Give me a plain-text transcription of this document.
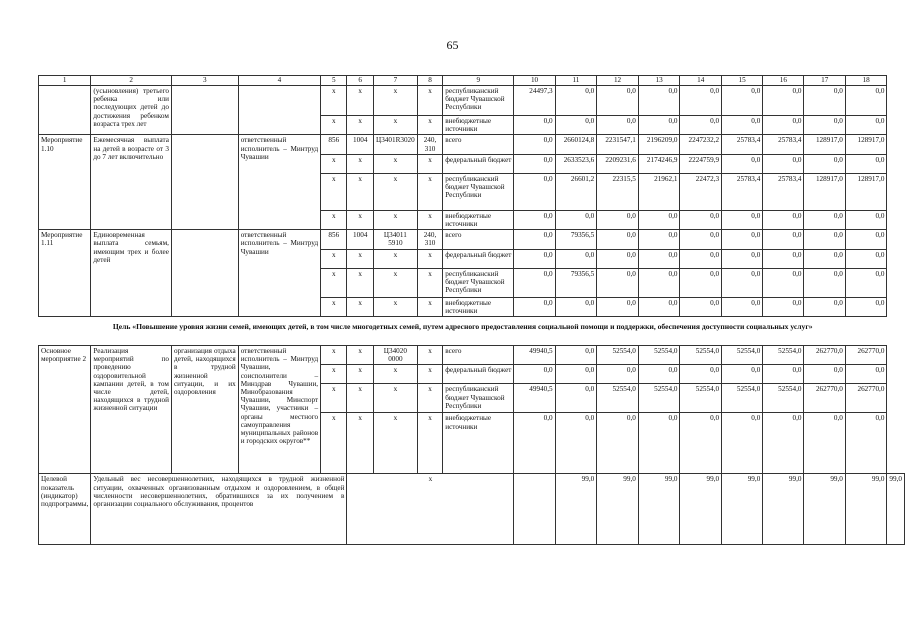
65
1	2	3	4	5	6	7	8	9	10	11	12	13	14	15	16	17	18	
	(усыновления) третьего ребенка или последующих детей до достижения ребенком возраста трех лет			x	x	x	x	республиканский бюджет Чувашской Республики	24497,3	0,0	0,0	0,0	0,0	0,0	0,0	0,0	0,0	
				x	x	x	x	внебюджетные источники	0,0	0,0	0,0	0,0	0,0	0,0	0,0	0,0	0,0	
Мероприятие 1.10	Ежемесячная выплата на детей в возрасте от 3 до 7 лет включительно		ответственный исполнитель – Минтруд Чувашии	856	1004	Ц3401R3020	240, 310	всего	0,0	2660124,8	2231547,1	2196209,0	2247232,2	25783,4	25783,4	128917,0	128917,0	
				x	x	x	x	федеральный бюджет	0,0	2633523,6	2209231,6	2174246,9	2224759,9	0,0	0,0	0,0	0,0	
				x	x	x	x	республиканский бюджет Чувашской Республики	0,0	26601,2	22315,5	21962,1	22472,3	25783,4	25783,4	128917,0	128917,0	
				x	x	x	x	внебюджетные источники	0,0	0,0	0,0	0,0	0,0	0,0	0,0	0,0	0,0	
Мероприятие 1.11	Единовременная выплата семьям, имеющим трех и более детей		ответственный исполнитель – Минтруд Чувашии	856	1004	Ц34011 5910	240, 310	всего	0,0	79356,5	0,0	0,0	0,0	0,0	0,0	0,0	0,0	
				x	x	x	x	федеральный бюджет	0,0	0,0	0,0	0,0	0,0	0,0	0,0	0,0	0,0	
				x	x	x	x	республиканский бюджет Чувашской Республики	0,0	79356,5	0,0	0,0	0,0	0,0	0,0	0,0	0,0	
				x	x	x	x	внебюджетные источники	0,0	0,0	0,0	0,0	0,0	0,0	0,0	0,0	0,0	
Цель «Повышение уровня жизни семей, имеющих детей, в том числе многодетных семей, путем адресного предоставления социальной помощи и поддержки, обеспечения доступности социальных услуг»																		
Основное мероприятие 2	Реализация мероприятий по проведению оздоровительной кампании детей, в том числе детей, находящихся в трудной жизненной ситуации	организация отдыха детей, находящихся в трудной жизненной ситуации, и их оздоровления	ответственный исполнитель – Минтруд Чувашии, соисполнители – Минздрав Чувашии, Минобразования Чувашии, Минспорт Чувашии, участники – органы местного самоуправления муниципальных районов и городских округов**	x	x	Ц34020 0000	x	всего	49940,5	0,0	52554,0	52554,0	52554,0	52554,0	52554,0	262770,0	262770,0	
				x	x	x	x	федеральный бюджет	0,0	0,0	0,0	0,0	0,0	0,0	0,0	0,0	0,0	
				x	x	x	x	республиканский бюджет Чувашской Республики	49940,5	0,0	52554,0	52554,0	52554,0	52554,0	52554,0	262770,0	262770,0	
				x	x	x	x	внебюджетные источники	0,0	0,0	0,0	0,0	0,0	0,0	0,0	0,0	0,0	
Целевой показатель (индикатор) подпрограммы,	Удельный вес несовершеннолетних, находящихся в трудной жизненной ситуации, охваченных организованным отдыхом и оздоровлением, в общей численности несовершеннолетних, обратившихся за их получением в организации социального обслуживания, процентов				x					99,0	99,0	99,0	99,0	99,0	99,0	99,0	99,0	99,0
